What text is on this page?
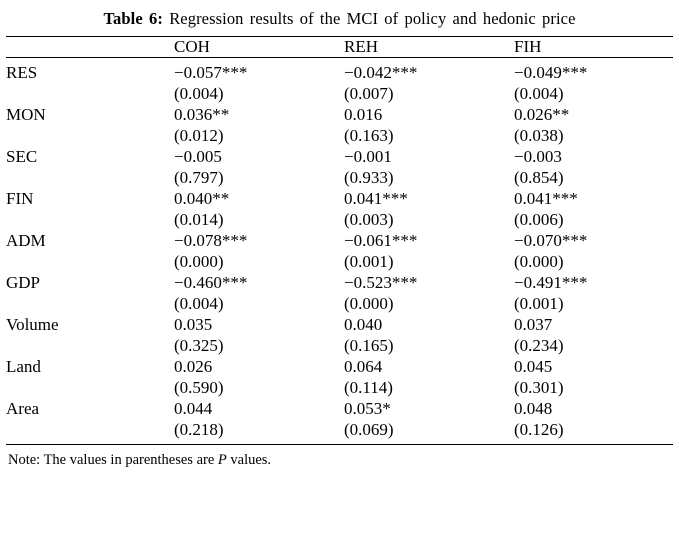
Table 6: Regression results of the MCI of policy and hedonic price
	COH	REH	FIH
RES	−0.057***	−0.042***	−0.049***
	(0.004)	(0.007)	(0.004)
MON	0.036**	0.016	0.026**
	(0.012)	(0.163)	(0.038)
SEC	−0.005	−0.001	−0.003
	(0.797)	(0.933)	(0.854)
FIN	0.040**	0.041***	0.041***
	(0.014)	(0.003)	(0.006)
ADM	−0.078***	−0.061***	−0.070***
	(0.000)	(0.001)	(0.000)
GDP	−0.460***	−0.523***	−0.491***
	(0.004)	(0.000)	(0.001)
Volume	0.035	0.040	0.037
	(0.325)	(0.165)	(0.234)
Land	0.026	0.064	0.045
	(0.590)	(0.114)	(0.301)
Area	0.044	0.053*	0.048
	(0.218)	(0.069)	(0.126)
Note: The values in parentheses are P values.
